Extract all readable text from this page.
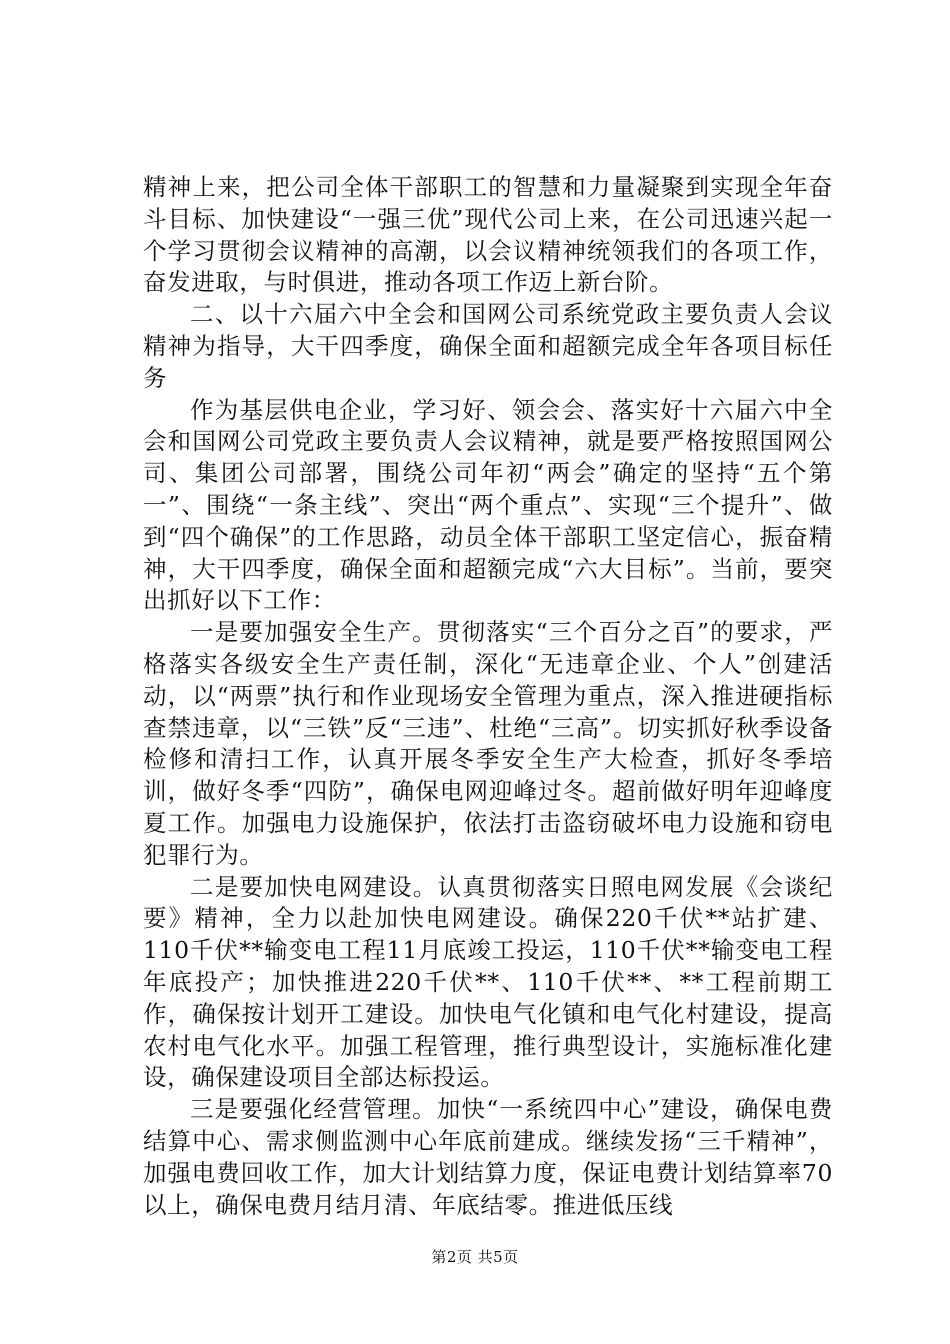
精神上来，把公司全体干部职工的智慧和力量凝聚到实现全年奋斗目标、加快建设“一强三优”现代公司上来，在公司迅速兴起一个学习贯彻会议精神的高潮，以会议精神统领我们的各项工作，奋发进取，与时俱进，推动各项工作迈上新台阶。

二、以十六届六中全会和国网公司系统党政主要负责人会议精神为指导，大干四季度，确保全面和超额完成全年各项目标任务

作为基层供电企业，学习好、领会会、落实好十六届六中全会和国网公司党政主要负责人会议精神，就是要严格按照国网公司、集团公司部署，围绕公司年初“两会”确定的坚持“五个第一”、围绕“一条主线”、突出“两个重点”、实现“三个提升”、做到“四个确保”的工作思路，动员全体干部职工坚定信心，振奋精神，大干四季度，确保全面和超额完成“六大目标”。当前，要突出抓好以下工作：

一是要加强安全生产。贯彻落实“三个百分之百”的要求，严格落实各级安全生产责任制，深化“无违章企业、个人”创建活动，以“两票”执行和作业现场安全管理为重点，深入推进硬指标查禁违章，以“三铁”反“三违”、杜绝“三高”。切实抓好秋季设备检修和清扫工作，认真开展冬季安全生产大检查，抓好冬季培训，做好冬季“四防”，确保电网迎峰过冬。超前做好明年迎峰度夏工作。加强电力设施保护，依法打击盗窃破坏电力设施和窃电犯罪行为。

二是要加快电网建设。认真贯彻落实日照电网发展《会谈纪要》精神，全力以赴加快电网建设。确保220千伏**站扩建、110千伏**输变电工程11月底竣工投运，110千伏**输变电工程年底投产；加快推进220千伏**、110千伏**、**工程前期工作，确保按计划开工建设。加快电气化镇和电气化村建设，提高农村电气化水平。加强工程管理，推行典型设计，实施标准化建设，确保建设项目全部达标投运。

三是要强化经营管理。加快“一系统四中心”建设，确保电费结算中心、需求侧监测中心年底前建成。继续发扬“三千精神”，加强电费回收工作，加大计划结算力度，保证电费计划结算率70以上，确保电费月结月清、年底结零。推进低压线

第2页 共5页
